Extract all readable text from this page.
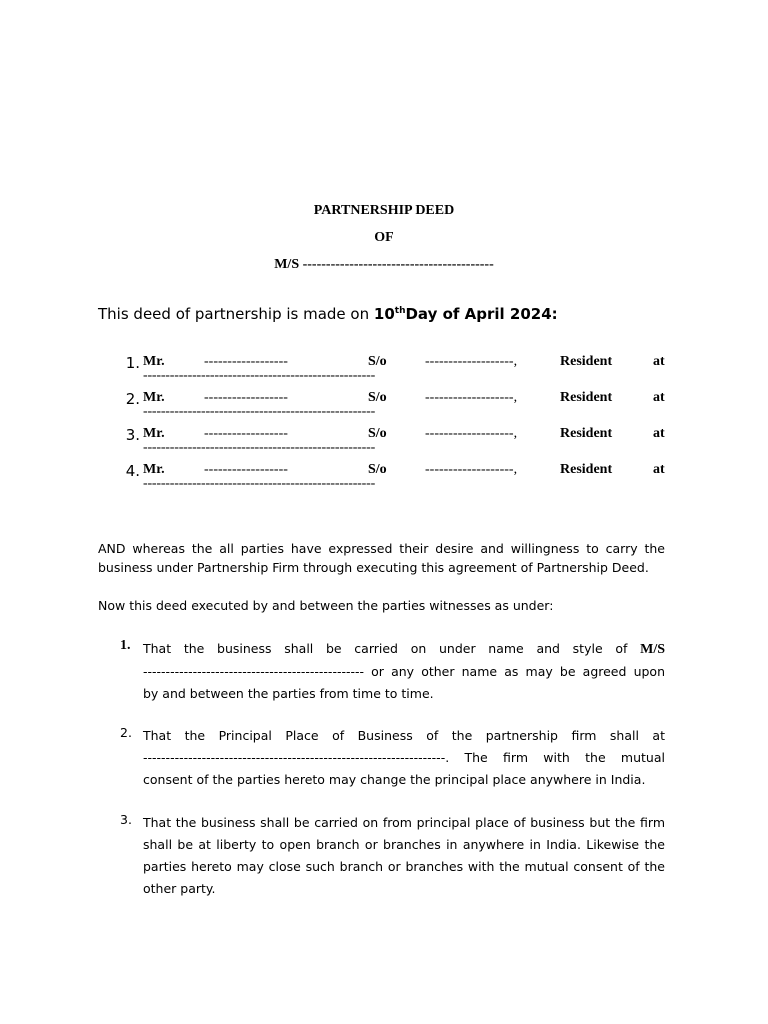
PARTNERSHIP DEED
OF
M/S -----------------------------------------
This deed of partnership is made on 10thDay of April 2024:
1. Mr.	------------------	S/o	-------------------,	Resident	at
----------------------------------------------------
2. Mr.	------------------	S/o	-------------------,	Resident	at
----------------------------------------------------
3. Mr.	------------------	S/o	-------------------,	Resident	at
----------------------------------------------------
4. Mr.	------------------	S/o	-------------------,	Resident	at
----------------------------------------------------
AND whereas the all parties have expressed their desire and willingness to carry the business under Partnership Firm through executing this agreement of Partnership Deed.
Now this deed executed by and between the parties witnesses as under:
1.	That the business shall be carried on under name and style of M/S
------------------------------------------------- or any other name as may be agreed upon
by and between the parties from time to time.
2. That the Principal Place of Business of the partnership firm shall at
-------------------------------------------------------------------. The firm with the mutual
consent of the parties hereto may change the principal place anywhere in India.
3. That the business shall be carried on from principal place of business but the firm
shall be at liberty to open branch or branches in anywhere in India. Likewise the
parties hereto may close such branch or branches with the mutual consent of the
other party.
